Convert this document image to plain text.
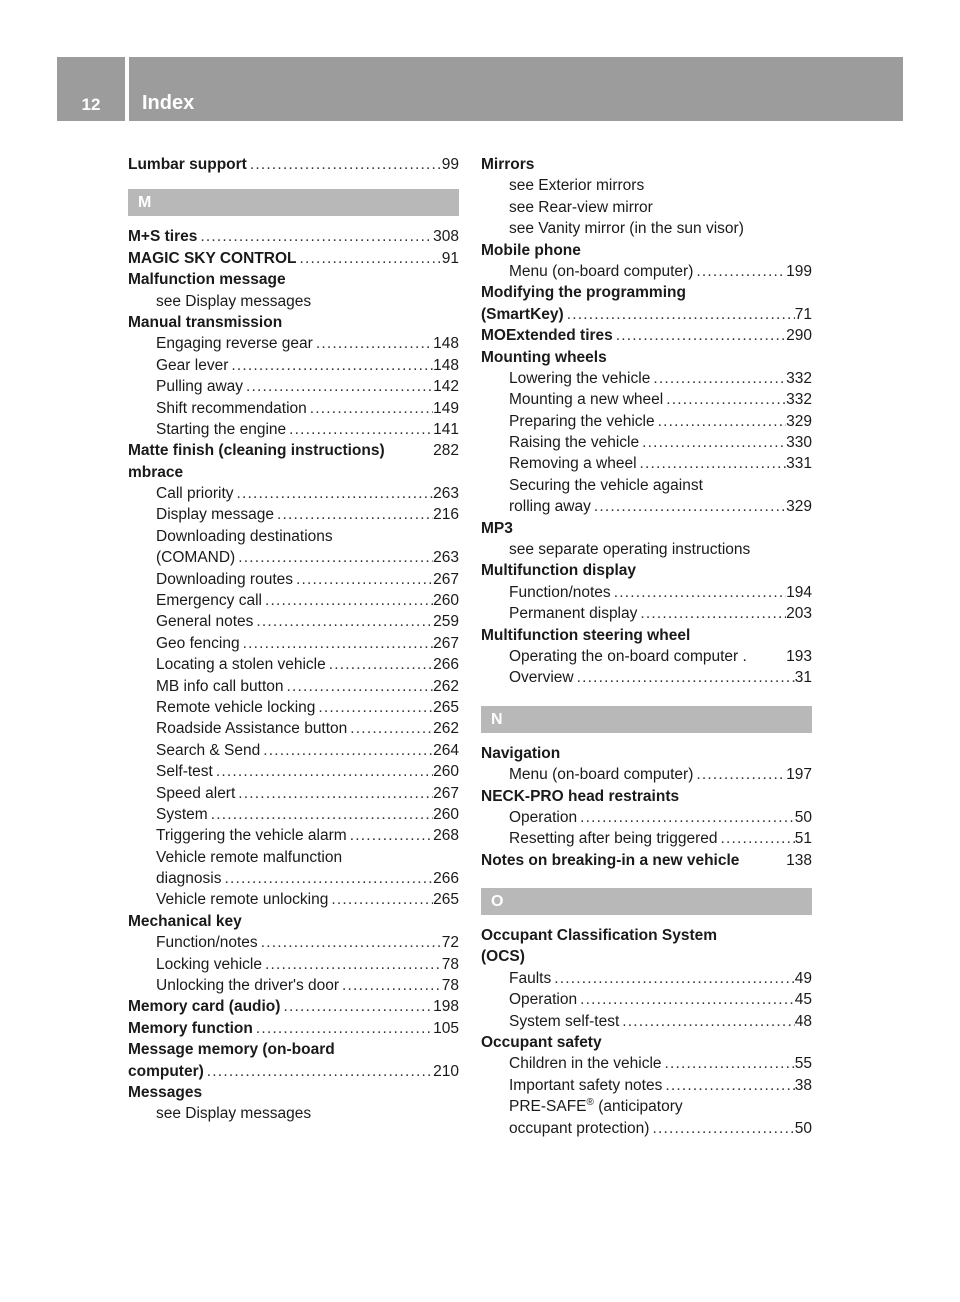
12	Index
Lumbar support .....	99
M
M+S tires .....	308
MAGIC SKY CONTROL .....	91
Malfunction message
see Display messages
Manual transmission
Engaging reverse gear .....	148
Gear lever .....	148
Pulling away .....	142
Shift recommendation .....	149
Starting the engine .....	141
Matte finish (cleaning instructions)	282
mbrace
Call priority .....	263
Display message .....	216
Downloading destinations
(COMAND) .....	263
Downloading routes .....	267
Emergency call .....	260
General notes .....	259
Geo fencing .....	267
Locating a stolen vehicle .....	266
MB info call button .....	262
Remote vehicle locking .....	265
Roadside Assistance button .....	262
Search & Send .....	264
Self-test .....	260
Speed alert .....	267
System .....	260
Triggering the vehicle alarm .....	268
Vehicle remote malfunction
diagnosis .....	266
Vehicle remote unlocking .....	265
Mechanical key
Function/notes .....	72
Locking vehicle .....	78
Unlocking the driver's door .....	78
Memory card (audio) .....	198
Memory function .....	105
Message memory (on-board
computer) .....	210
Messages
see Display messages
Mirrors
see Exterior mirrors
see Rear-view mirror
see Vanity mirror (in the sun visor)
Mobile phone
Menu (on-board computer) .....	199
Modifying the programming
(SmartKey) .....	71
MOExtended tires .....	290
Mounting wheels
Lowering the vehicle .....	332
Mounting a new wheel .....	332
Preparing the vehicle .....	329
Raising the vehicle .....	330
Removing a wheel .....	331
Securing the vehicle against
rolling away .....	329
MP3
see separate operating instructions
Multifunction display
Function/notes .....	194
Permanent display .....	203
Multifunction steering wheel
Operating the on-board computer .	193
Overview .....	31
N
Navigation
Menu (on-board computer) .....	197
NECK-PRO head restraints
Operation .....	50
Resetting after being triggered .....	51
Notes on breaking-in a new vehicle	138
O
Occupant Classification System
(OCS)
Faults .....	49
Operation .....	45
System self-test .....	48
Occupant safety
Children in the vehicle .....	55
Important safety notes .....	38
PRE-SAFE® (anticipatory
occupant protection) .....	50
